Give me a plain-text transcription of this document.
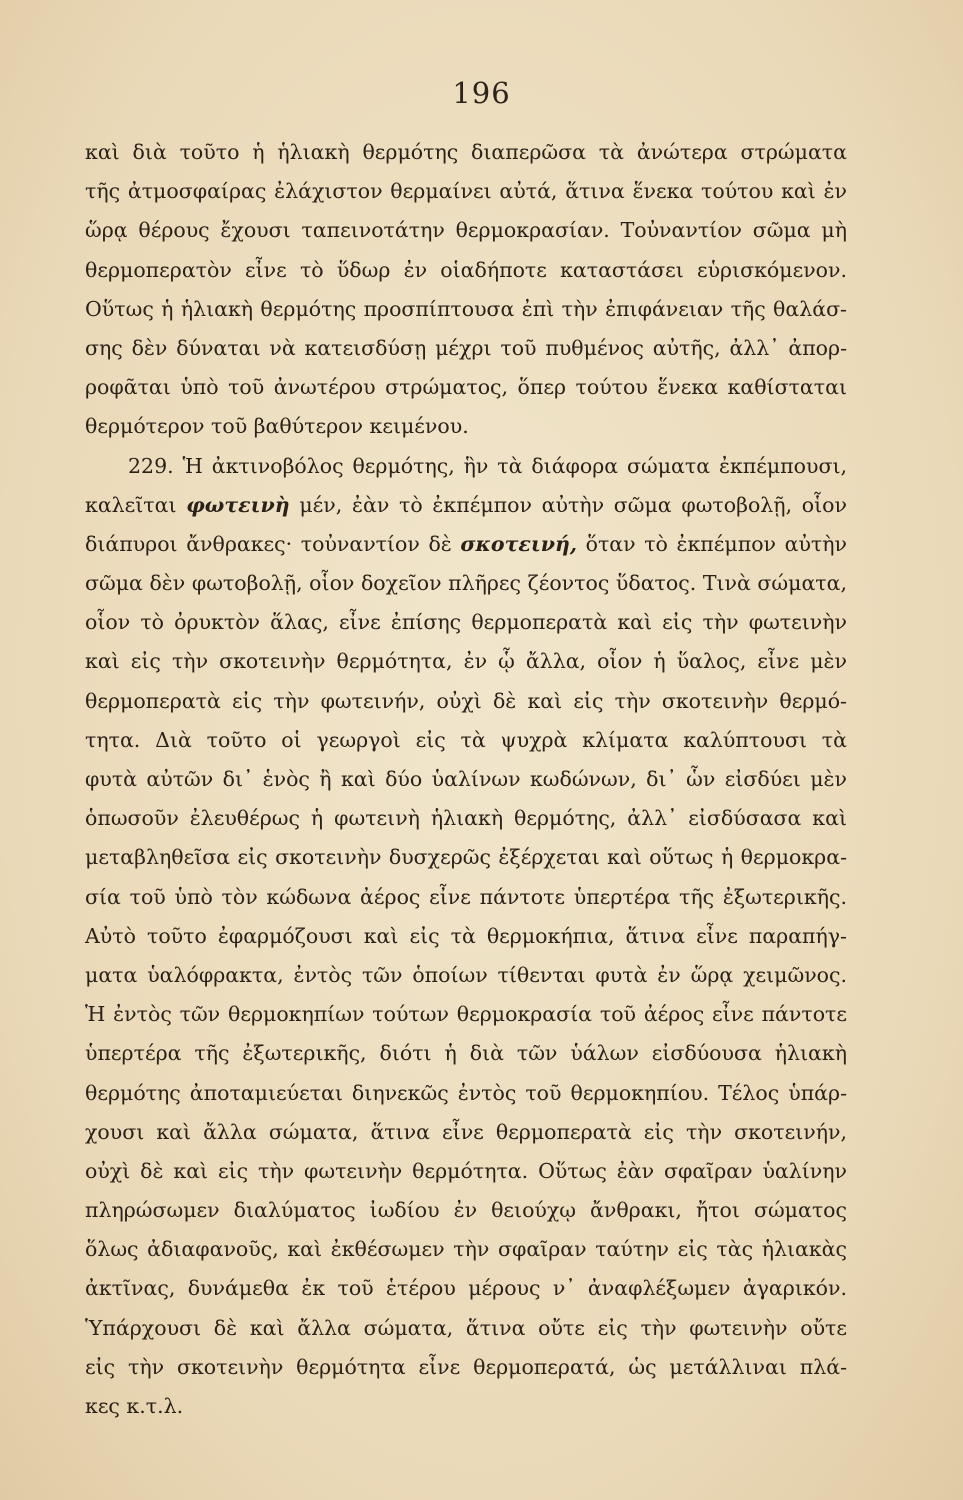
196
καὶ διὰ τοῦτο ἡ ἡλιακὴ θερμότης διαπερῶσα τὰ ἀνώτερα στρώματα
τῆς ἀτμοσφαίρας ἐλάχιστον θερμαίνει αὐτά, ἅτινα ἕνεκα τούτου καὶ ἐν
ὥρᾳ θέρους ἔχουσι ταπεινοτάτην θερμοκρασίαν. Τοὐναντίον σῶμα μὴ
θερμοπερατὸν εἶνε τὸ ὕδωρ ἐν οἱαδήποτε καταστάσει εὑρισκόμενον.
Οὕτως ἡ ἡλιακὴ θερμότης προσπίπτουσα ἐπὶ τὴν ἐπιφάνειαν τῆς θαλάσ-
σης δὲν δύναται νὰ κατεισδύσῃ μέχρι τοῦ πυθμένος αὐτῆς, ἀλλ᾽ ἀπορ-
ροφᾶται ὑπὸ τοῦ ἀνωτέρου στρώματος, ὅπερ τούτου ἕνεκα καθίσταται
θερμότερον τοῦ βαθύτερον κειμένου.
229. Ἡ ἀκτινοβόλος θερμότης, ἣν τὰ διάφορα σώματα ἐκπέμπουσι,
καλεῖται φωτεινὴ μέν, ἐὰν τὸ ἐκπέμπον αὐτὴν σῶμα φωτοβολῇ, οἷον
διάπυροι ἄνθρακες· τοὐναντίον δὲ σκοτεινή, ὅταν τὸ ἐκπέμπον αὐτὴν
σῶμα δὲν φωτοβολῇ, οἷον δοχεῖον πλῆρες ζέοντος ὕδατος. Τινὰ σώματα,
οἷον τὸ ὀρυκτὸν ἅλας, εἶνε ἐπίσης θερμοπερατὰ καὶ εἰς τὴν φωτεινὴν
καὶ εἰς τὴν σκοτεινὴν θερμότητα, ἐν ᾧ ἄλλα, οἷον ἡ ὕαλος, εἶνε μὲν
θερμοπερατὰ εἰς τὴν φωτεινήν, οὐχὶ δὲ καὶ εἰς τὴν σκοτεινὴν θερμό-
τητα. Διὰ τοῦτο οἱ γεωργοὶ εἰς τὰ ψυχρὰ κλίματα καλύπτουσι τὰ
φυτὰ αὐτῶν δι᾽ ἑνὸς ἢ καὶ δύο ὑαλίνων κωδώνων, δι᾽ ὧν εἰσδύει μὲν
ὁπωσοῦν ἐλευθέρως ἡ φωτεινὴ ἡλιακὴ θερμότης, ἀλλ᾽ εἰσδύσασα καὶ
μεταβληθεῖσα εἰς σκοτεινὴν δυσχερῶς ἐξέρχεται καὶ οὕτως ἡ θερμοκρα-
σία τοῦ ὑπὸ τὸν κώδωνα ἀέρος εἶνε πάντοτε ὑπερτέρα τῆς ἐξωτερικῆς.
Αὐτὸ τοῦτο ἐφαρμόζουσι καὶ εἰς τὰ θερμοκήπια, ἅτινα εἶνε παραπήγ-
ματα ὑαλόφρακτα, ἐντὸς τῶν ὁποίων τίθενται φυτὰ ἐν ὥρᾳ χειμῶνος.
Ἡ ἐντὸς τῶν θερμοκηπίων τούτων θερμοκρασία τοῦ ἀέρος εἶνε πάντοτε
ὑπερτέρα τῆς ἐξωτερικῆς, διότι ἡ διὰ τῶν ὑάλων εἰσδύουσα ἡλιακὴ
θερμότης ἀποταμιεύεται διηνεκῶς ἐντὸς τοῦ θερμοκηπίου. Τέλος ὑπάρ-
χουσι καὶ ἄλλα σώματα, ἅτινα εἶνε θερμοπερατὰ εἰς τὴν σκοτεινήν,
οὐχὶ δὲ καὶ εἰς τὴν φωτεινὴν θερμότητα. Οὕτως ἐὰν σφαῖραν ὑαλίνην
πληρώσωμεν διαλύματος ἰωδίου ἐν θειούχῳ ἄνθρακι, ἤτοι σώματος
ὅλως ἀδιαφανοῦς, καὶ ἐκθέσωμεν τὴν σφαῖραν ταύτην εἰς τὰς ἡλιακὰς
ἀκτῖνας, δυνάμεθα ἐκ τοῦ ἑτέρου μέρους ν᾽ ἀναφλέξωμεν ἀγαρικόν.
Ὑπάρχουσι δὲ καὶ ἄλλα σώματα, ἅτινα οὔτε εἰς τὴν φωτεινὴν οὔτε
εἰς τὴν σκοτεινὴν θερμότητα εἶνε θερμοπερατά, ὡς μετάλλιναι πλά-
κες κ.τ.λ.
